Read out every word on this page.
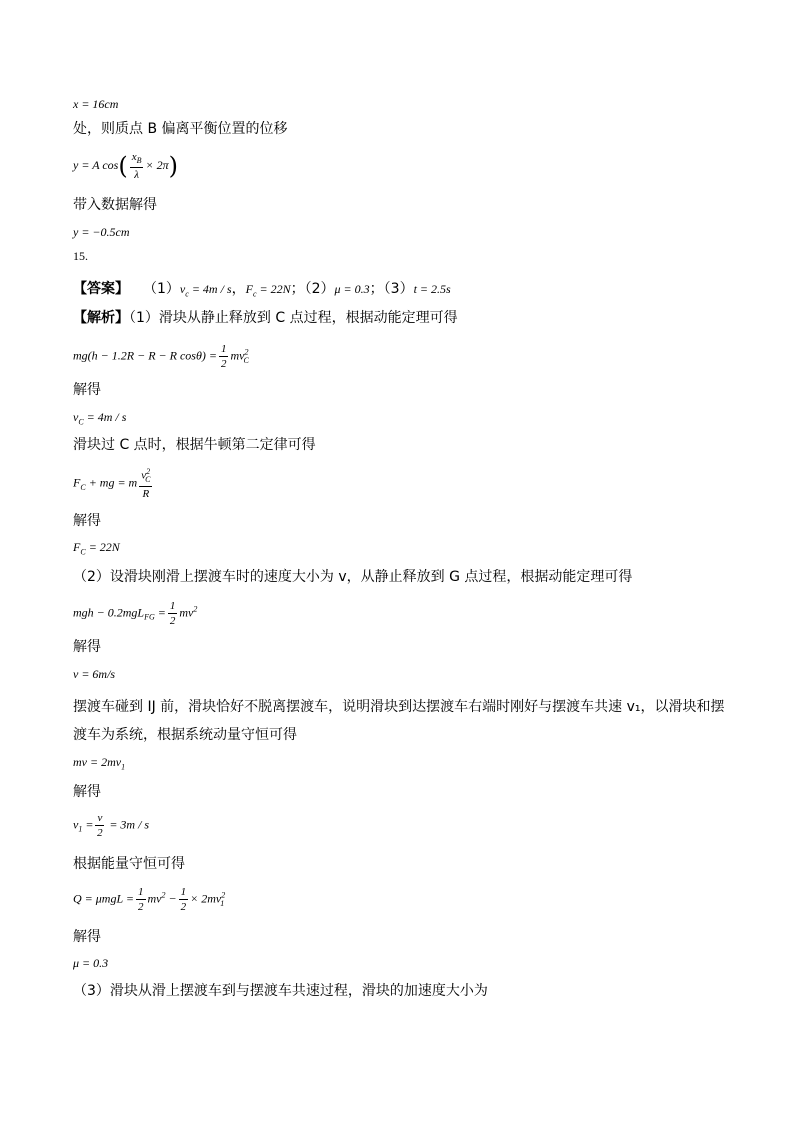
x = 16cm
处，则质点 B 偏离平衡位置的位移
y = A $\cos( \frac{x_B}{\lambda} \times 2\pi)$
带入数据解得
y = −0.5cm
15.
【答案】 $(1)v_c = 4m / s$，$F_c = 22N$；（2）μ = 0.3；（3）t = 2.5s
【解析】（1）滑块从静止释放到 C 点过程，根据动能定理可得
mg(h − 1.2R − R − R $\cos\theta) = \frac{1}{2} mv^2_C$
解得
$v_C = 4m / s$
滑块过 C 点时，根据牛顿第二定律可得
$F_C$ + mg = m $\frac{v^2_C}{R}$
解得
$F_C = 22N$
（2）设滑块刚滑上摆渡车时的速度大小为 v，从静止释放到 G 点过程，根据动能定理可得
mgh − $0.2mgL_{FG} = \frac{1}{2} mv^2$
解得
v = 6m/s
摆渡车碰到 IJ 前，滑块恰好不脱离摆渡车，说明滑块到达摆渡车右端时刚好与摆渡车共速 v₁，以滑块和摆
渡车为系统，根据系统动量守恒可得
mv = $2mv_1$
解得
$v_1 = \frac{v}{2} = 3m / s$
根据能量守恒可得
$Q = \mu mgL = \frac{1}{2} mv^2 - \frac{1}{2} \times 2mv^2_1$
解得
μ = 0.3
（3）滑块从滑上摆渡车到与摆渡车共速过程，滑块的加速度大小为
